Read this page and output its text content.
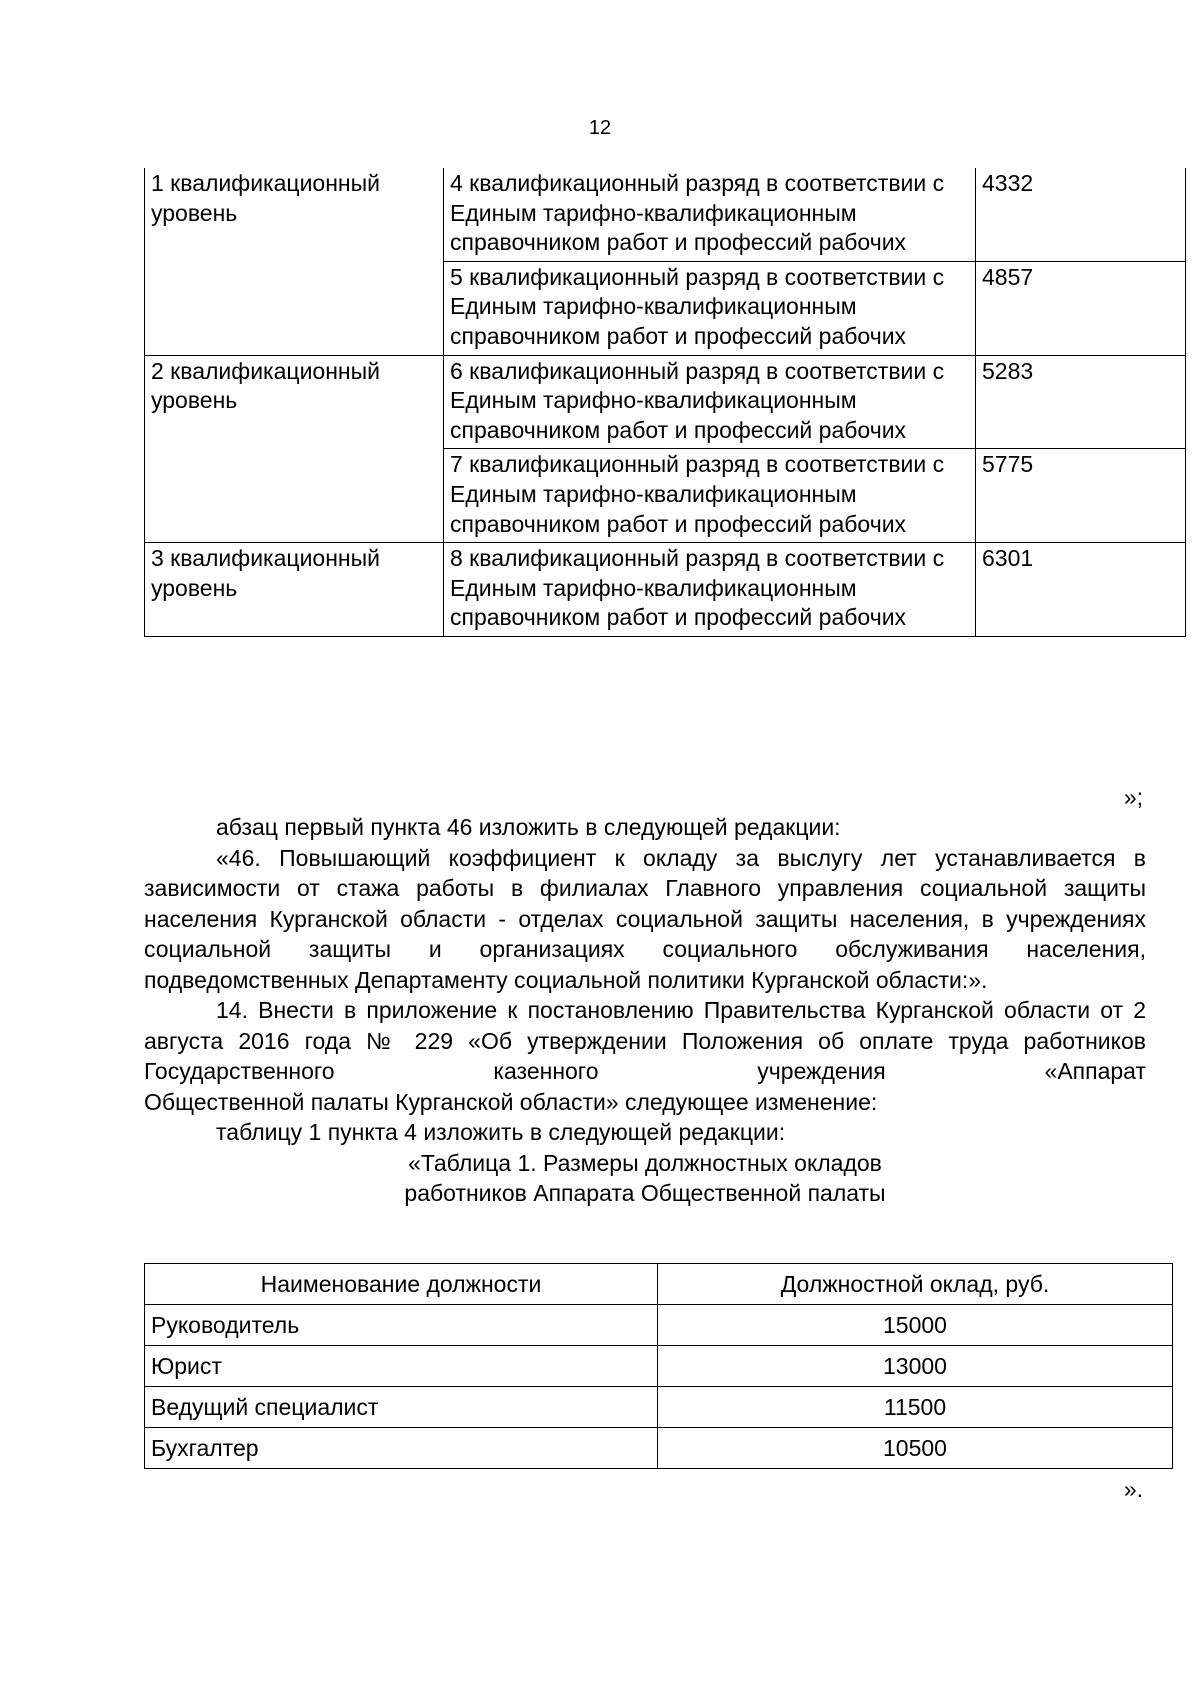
12
1 квалификационный уровень	4 квалификационный разряд в соответствии с Единым тарифно-квалификационным справочником работ и профессий рабочих	4332
	5 квалификационный разряд в соответствии с Единым тарифно-квалификационным справочником работ и профессий рабочих	4857
2 квалификационный уровень	6 квалификационный разряд в соответствии с Единым тарифно-квалификационным справочником работ и профессий рабочих	5283
	7 квалификационный разряд в соответствии с Единым тарифно-квалификационным справочником работ и профессий рабочих	5775
3 квалификационный уровень	8 квалификационный разряд в соответствии с Единым тарифно-квалификационным справочником работ и профессий рабочих	6301
»;

абзац первый пункта 46 изложить в следующей редакции:

«46. Повышающий коэффициент к окладу за выслугу лет устанавливается в зависимости от стажа работы в филиалах Главного управления социальной защиты населения Курганской области - отделах социальной защиты населения, в учреждениях социальной защиты и организациях социального обслуживания населения, подведомственных Департаменту социальной политики Курганской области:».

14. Внести в приложение к постановлению Правительства Курганской области от 2 августа 2016 года № 229 «Об утверждении Положения об оплате труда работников Государственного казенного учреждения «Аппарат

Общественной палаты Курганской области» следующее изменение:

таблицу 1 пункта 4 изложить в следующей редакции:

«Таблица 1. Размеры должностных окладов

работников Аппарата Общественной палаты

Наименование должности	Должностной оклад, руб.
Руководитель	15000
Юрист	13000
Ведущий специалист	11500
Бухгалтер	10500
».
